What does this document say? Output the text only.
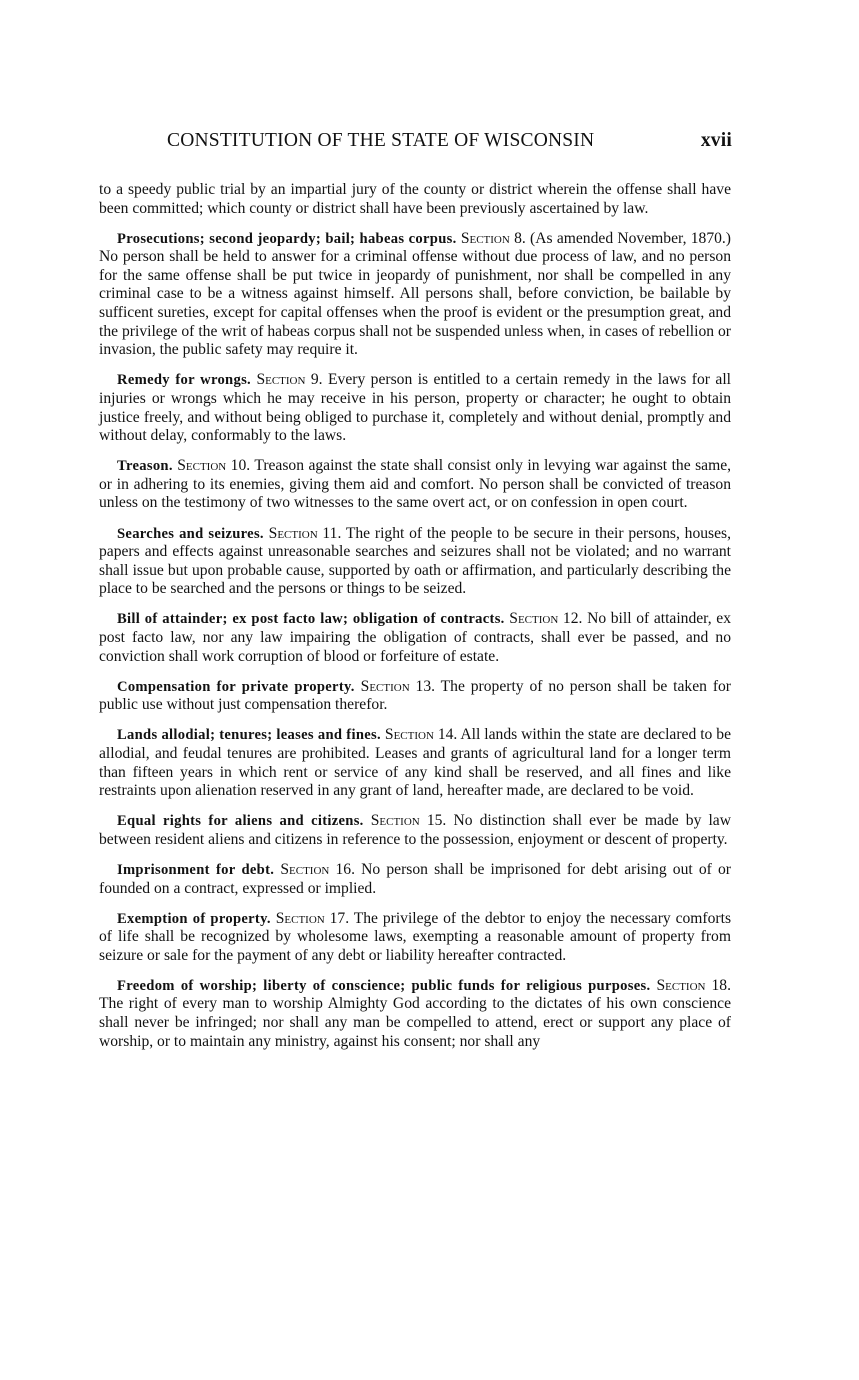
CONSTITUTION OF THE STATE OF WISCONSIN	xvii

to a speedy public trial by an impartial jury of the county or district wherein the offense shall have been committed; which county or district shall have been previously ascertained by law.

Prosecutions; second jeopardy; bail; habeas corpus. Section 8. (As amended November, 1870.) No person shall be held to answer for a criminal offense without due process of law, and no person for the same offense shall be put twice in jeopardy of punishment, nor shall be compelled in any criminal case to be a witness against himself. All persons shall, before conviction, be bailable by sufficent sureties, except for capital offenses when the proof is evident or the presumption great, and the privilege of the writ of habeas corpus shall not be suspended unless when, in cases of rebellion or invasion, the public safety may require it.

Remedy for wrongs. Section 9. Every person is entitled to a certain remedy in the laws for all injuries or wrongs which he may receive in his person, property or character; he ought to obtain justice freely, and without being obliged to purchase it, completely and without denial, promptly and without delay, conformably to the laws.

Treason. Section 10. Treason against the state shall consist only in levying war against the same, or in adhering to its enemies, giving them aid and comfort. No person shall be convicted of treason unless on the testimony of two witnesses to the same overt act, or on confession in open court.

Searches and seizures. Section 11. The right of the people to be secure in their persons, houses, papers and effects against unreasonable searches and seizures shall not be violated; and no warrant shall issue but upon probable cause, supported by oath or affirmation, and particularly describing the place to be searched and the persons or things to be seized.

Bill of attainder; ex post facto law; obligation of contracts. Section 12. No bill of attainder, ex post facto law, nor any law impairing the obligation of contracts, shall ever be passed, and no conviction shall work corruption of blood or forfeiture of estate.

Compensation for private property. Section 13. The property of no person shall be taken for public use without just compensation therefor.

Lands allodial; tenures; leases and fines. Section 14. All lands within the state are declared to be allodial, and feudal tenures are prohibited. Leases and grants of agricultural land for a longer term than fifteen years in which rent or service of any kind shall be reserved, and all fines and like restraints upon alienation reserved in any grant of land, hereafter made, are declared to be void.

Equal rights for aliens and citizens. Section 15. No distinction shall ever be made by law between resident aliens and citizens in reference to the possession, enjoyment or descent of property.

Imprisonment for debt. Section 16. No person shall be imprisoned for debt arising out of or founded on a contract, expressed or implied.

Exemption of property. Section 17. The privilege of the debtor to enjoy the necessary comforts of life shall be recognized by wholesome laws, exempting a reasonable amount of property from seizure or sale for the payment of any debt or liability hereafter contracted.

Freedom of worship; liberty of conscience; public funds for religious purposes. Section 18. The right of every man to worship Almighty God according to the dictates of his own conscience shall never be infringed; nor shall any man be compelled to attend, erect or support any place of worship, or to maintain any ministry, against his consent; nor shall any
